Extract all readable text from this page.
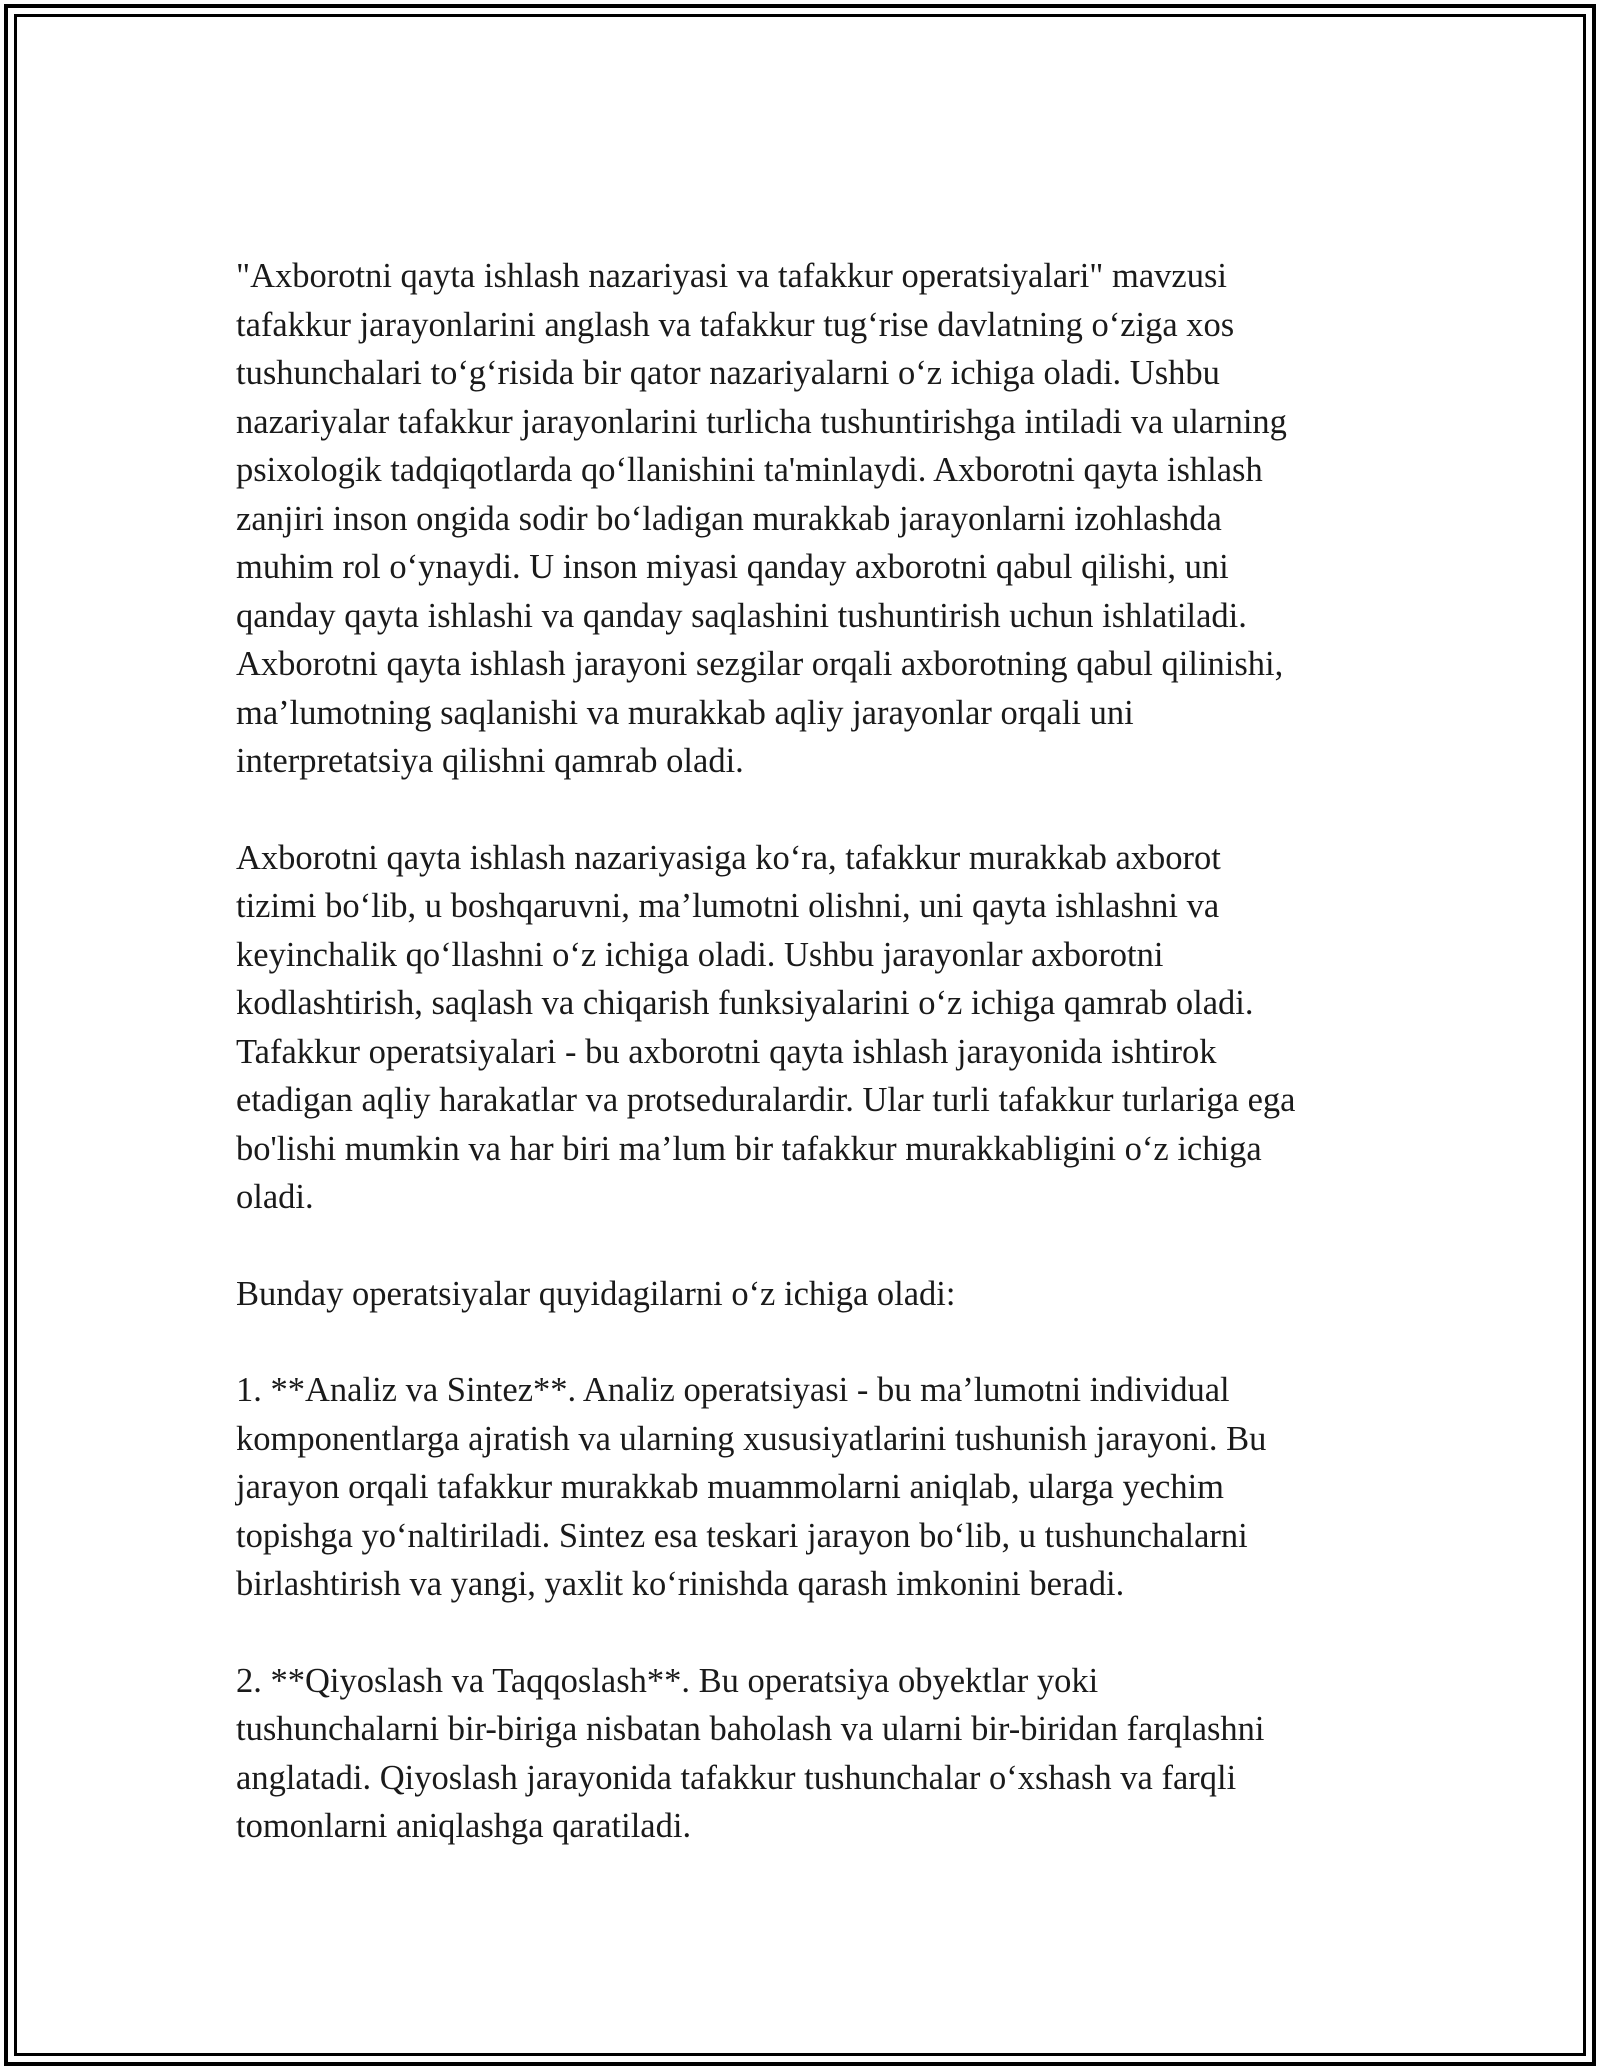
"Axborotni qayta ishlash nazariyasi va tafakkur operatsiyalari" mavzusi
tafakkur jarayonlarini anglash va tafakkur tugʻrise davlatning oʻziga xos
tushunchalari toʻgʻrisida bir qator nazariyalarni oʻz ichiga oladi. Ushbu
nazariyalar tafakkur jarayonlarini turlicha tushuntirishga intiladi va ularning
psixologik tadqiqotlarda qoʻllanishini ta'minlaydi. Axborotni qayta ishlash
zanjiri inson ongida sodir boʻladigan murakkab jarayonlarni izohlashda
muhim rol oʻynaydi. U inson miyasi qanday axborotni qabul qilishi, uni
qanday qayta ishlashi va qanday saqlashini tushuntirish uchun ishlatiladi.
Axborotni qayta ishlash jarayoni sezgilar orqali axborotning qabul qilinishi,
ma’lumotning saqlanishi va murakkab aqliy jarayonlar orqali uni
interpretatsiya qilishni qamrab oladi.

Axborotni qayta ishlash nazariyasiga koʻra, tafakkur murakkab axborot
tizimi boʻlib, u boshqaruvni, ma’lumotni olishni, uni qayta ishlashni va
keyinchalik qoʻllashni oʻz ichiga oladi. Ushbu jarayonlar axborotni
kodlashtirish, saqlash va chiqarish funksiyalarini oʻz ichiga qamrab oladi.
Tafakkur operatsiyalari - bu axborotni qayta ishlash jarayonida ishtirok
etadigan aqliy harakatlar va protseduralardir. Ular turli tafakkur turlariga ega
bo'lishi mumkin va har biri ma’lum bir tafakkur murakkabligini oʻz ichiga
oladi.

Bunday operatsiyalar quyidagilarni oʻz ichiga oladi:

1. **Analiz va Sintez**. Analiz operatsiyasi - bu ma’lumotni individual
komponentlarga ajratish va ularning xususiyatlarini tushunish jarayoni. Bu
jarayon orqali tafakkur murakkab muammolarni aniqlab, ularga yechim
topishga yoʻnaltiriladi. Sintez esa teskari jarayon boʻlib, u tushunchalarni
birlashtirish va yangi, yaxlit koʻrinishda qarash imkonini beradi.

2. **Qiyoslash va Taqqoslash**. Bu operatsiya obyektlar yoki
tushunchalarni bir-biriga nisbatan baholash va ularni bir-biridan farqlashni
anglatadi. Qiyoslash jarayonida tafakkur tushunchalar oʻxshash va farqli
tomonlarni aniqlashga qaratiladi.
